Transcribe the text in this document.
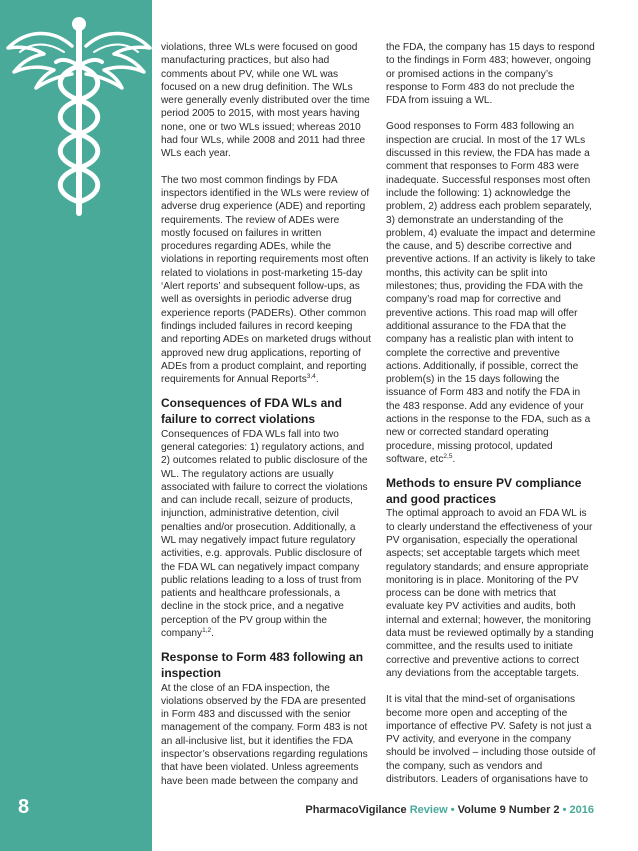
8

violations, three WLs were focused on good manufacturing practices, but also had comments about PV, while one WL was focused on a new drug definition. The WLs were generally evenly distributed over the time period 2005 to 2015, with most years having none, one or two WLs issued; whereas 2010 had four WLs, while 2008 and 2011 had three WLs each year.

The two most common findings by FDA inspectors identified in the WLs were review of adverse drug experience (ADE) and reporting requirements. The review of ADEs were mostly focused on failures in written procedures regarding ADEs, while the violations in reporting requirements most often related to violations in post-marketing 15-day ‘Alert reports’ and subsequent follow-ups, as well as oversights in periodic adverse drug experience reports (PADERs). Other common findings included failures in record keeping and reporting ADEs on marketed drugs without approved new drug applications, reporting of ADEs from a product complaint, and reporting requirements for Annual Reports$^{3,4}$.

Consequences of FDA WLs and failure to correct violations

Consequences of FDA WLs fall into two general categories: 1) regulatory actions, and 2) outcomes related to public disclosure of the WL. The regulatory actions are usually associated with failure to correct the violations and can include recall, seizure of products, injunction, administrative detention, civil penalties and/or prosecution. Additionally, a WL may negatively impact future regulatory activities, e.g. approvals. Public disclosure of the FDA WL can negatively impact company public relations leading to a loss of trust from patients and healthcare professionals, a decline in the stock price, and a negative perception of the PV group within the company$^{1,2}$.

Response to Form 483 following an inspection

At the close of an FDA inspection, the violations observed by the FDA are presented in Form 483 and discussed with the senior management of the company. Form 483 is not an all-inclusive list, but it identifies the FDA inspector’s observations regarding regulations that have been violated. Unless agreements have been made between the company and

the FDA, the company has 15 days to respond to the findings in Form 483; however, ongoing or promised actions in the company’s response to Form 483 do not preclude the FDA from issuing a WL.

Good responses to Form 483 following an inspection are crucial. In most of the 17 WLs discussed in this review, the FDA has made a comment that responses to Form 483 were inadequate. Successful responses most often include the following: 1) acknowledge the problem, 2) address each problem separately, 3) demonstrate an understanding of the problem, 4) evaluate the impact and determine the cause, and 5) describe corrective and preventive actions. If an activity is likely to take months, this activity can be split into milestones; thus, providing the FDA with the company’s road map for corrective and preventive actions. This road map will offer additional assurance to the FDA that the company has a realistic plan with intent to complete the corrective and preventive actions. Additionally, if possible, correct the problem(s) in the 15 days following the issuance of Form 483 and notify the FDA in the 483 response. Add any evidence of your actions in the response to the FDA, such as a new or corrected standard operating procedure, missing protocol, updated software, etc$^{2,5}$.

Methods to ensure PV compliance and good practices

The optimal approach to avoid an FDA WL is to clearly understand the effectiveness of your PV organisation, especially the operational aspects; set acceptable targets which meet regulatory standards; and ensure appropriate monitoring is in place. Monitoring of the PV process can be done with metrics that evaluate key PV activities and audits, both internal and external; however, the monitoring data must be reviewed optimally by a standing committee, and the results used to initiate corrective and preventive actions to correct any deviations from the acceptable targets.

It is vital that the mind-set of organisations become more open and accepting of the importance of effective PV. Safety is not just a PV activity, and everyone in the company should be involved – including those outside of the company, such as vendors and distributors. Leaders of organisations have to

PharmacoVigilance Review • Volume 9 Number 2 • 2016
